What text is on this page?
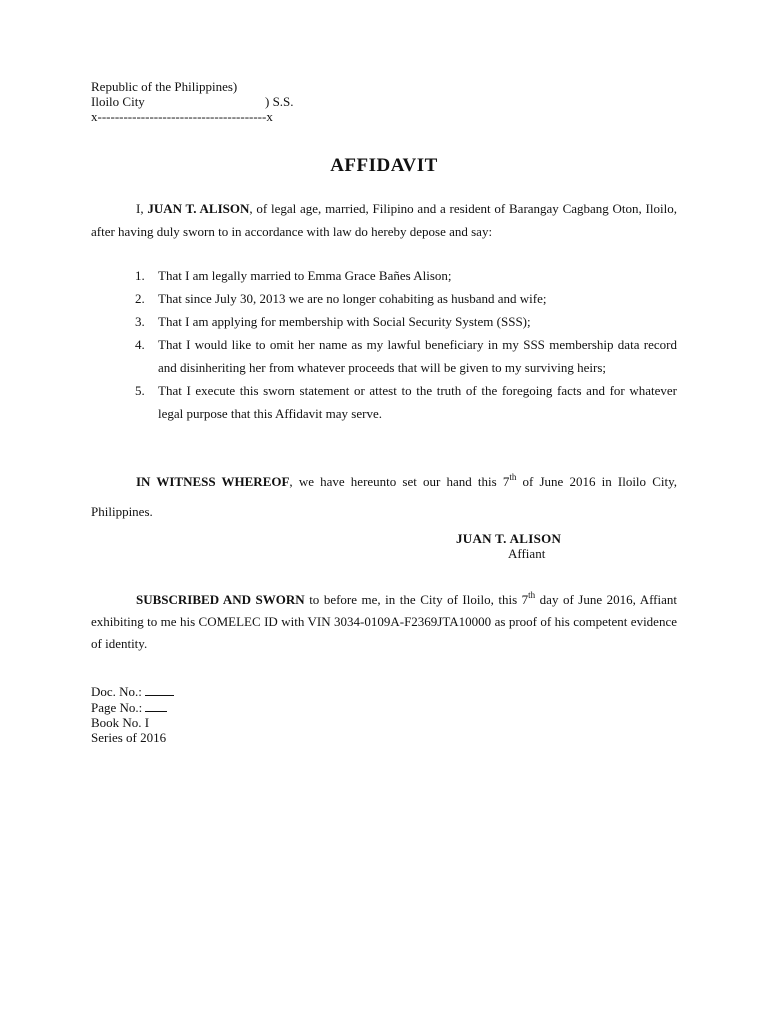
Republic of the Philippines)
Iloilo City	) S.S.
x---------------------------------------x
AFFIDAVIT

I, JUAN T. ALISON, of legal age, married, Filipino and a resident of Barangay Cagbang Oton, Iloilo, after having duly sworn to in accordance with law do hereby depose and say:

1. That I am legally married to Emma Grace Bañes Alison;
2. That since July 30, 2013 we are no longer cohabiting as husband and wife;
3. That I am applying for membership with Social Security System (SSS);
4. That I would like to omit her name as my lawful beneficiary in my SSS membership data record and disinheriting her from whatever proceeds that will be given to my surviving heirs;
5. That I execute this sworn statement or attest to the truth of the foregoing facts and for whatever legal purpose that this Affidavit may serve.

IN WITNESS WHEREOF, we have hereunto set our hand this 7th of June 2016 in Iloilo City, Philippines.

JUAN T. ALISON
Affiant

SUBSCRIBED AND SWORN to before me, in the City of Iloilo, this 7th day of June 2016, Affiant exhibiting to me his COMELEC ID with VIN 3034-0109A-F2369JTA10000 as proof of his competent evidence of identity.

Doc. No.:
Page No.:
Book No. I
Series of 2016
